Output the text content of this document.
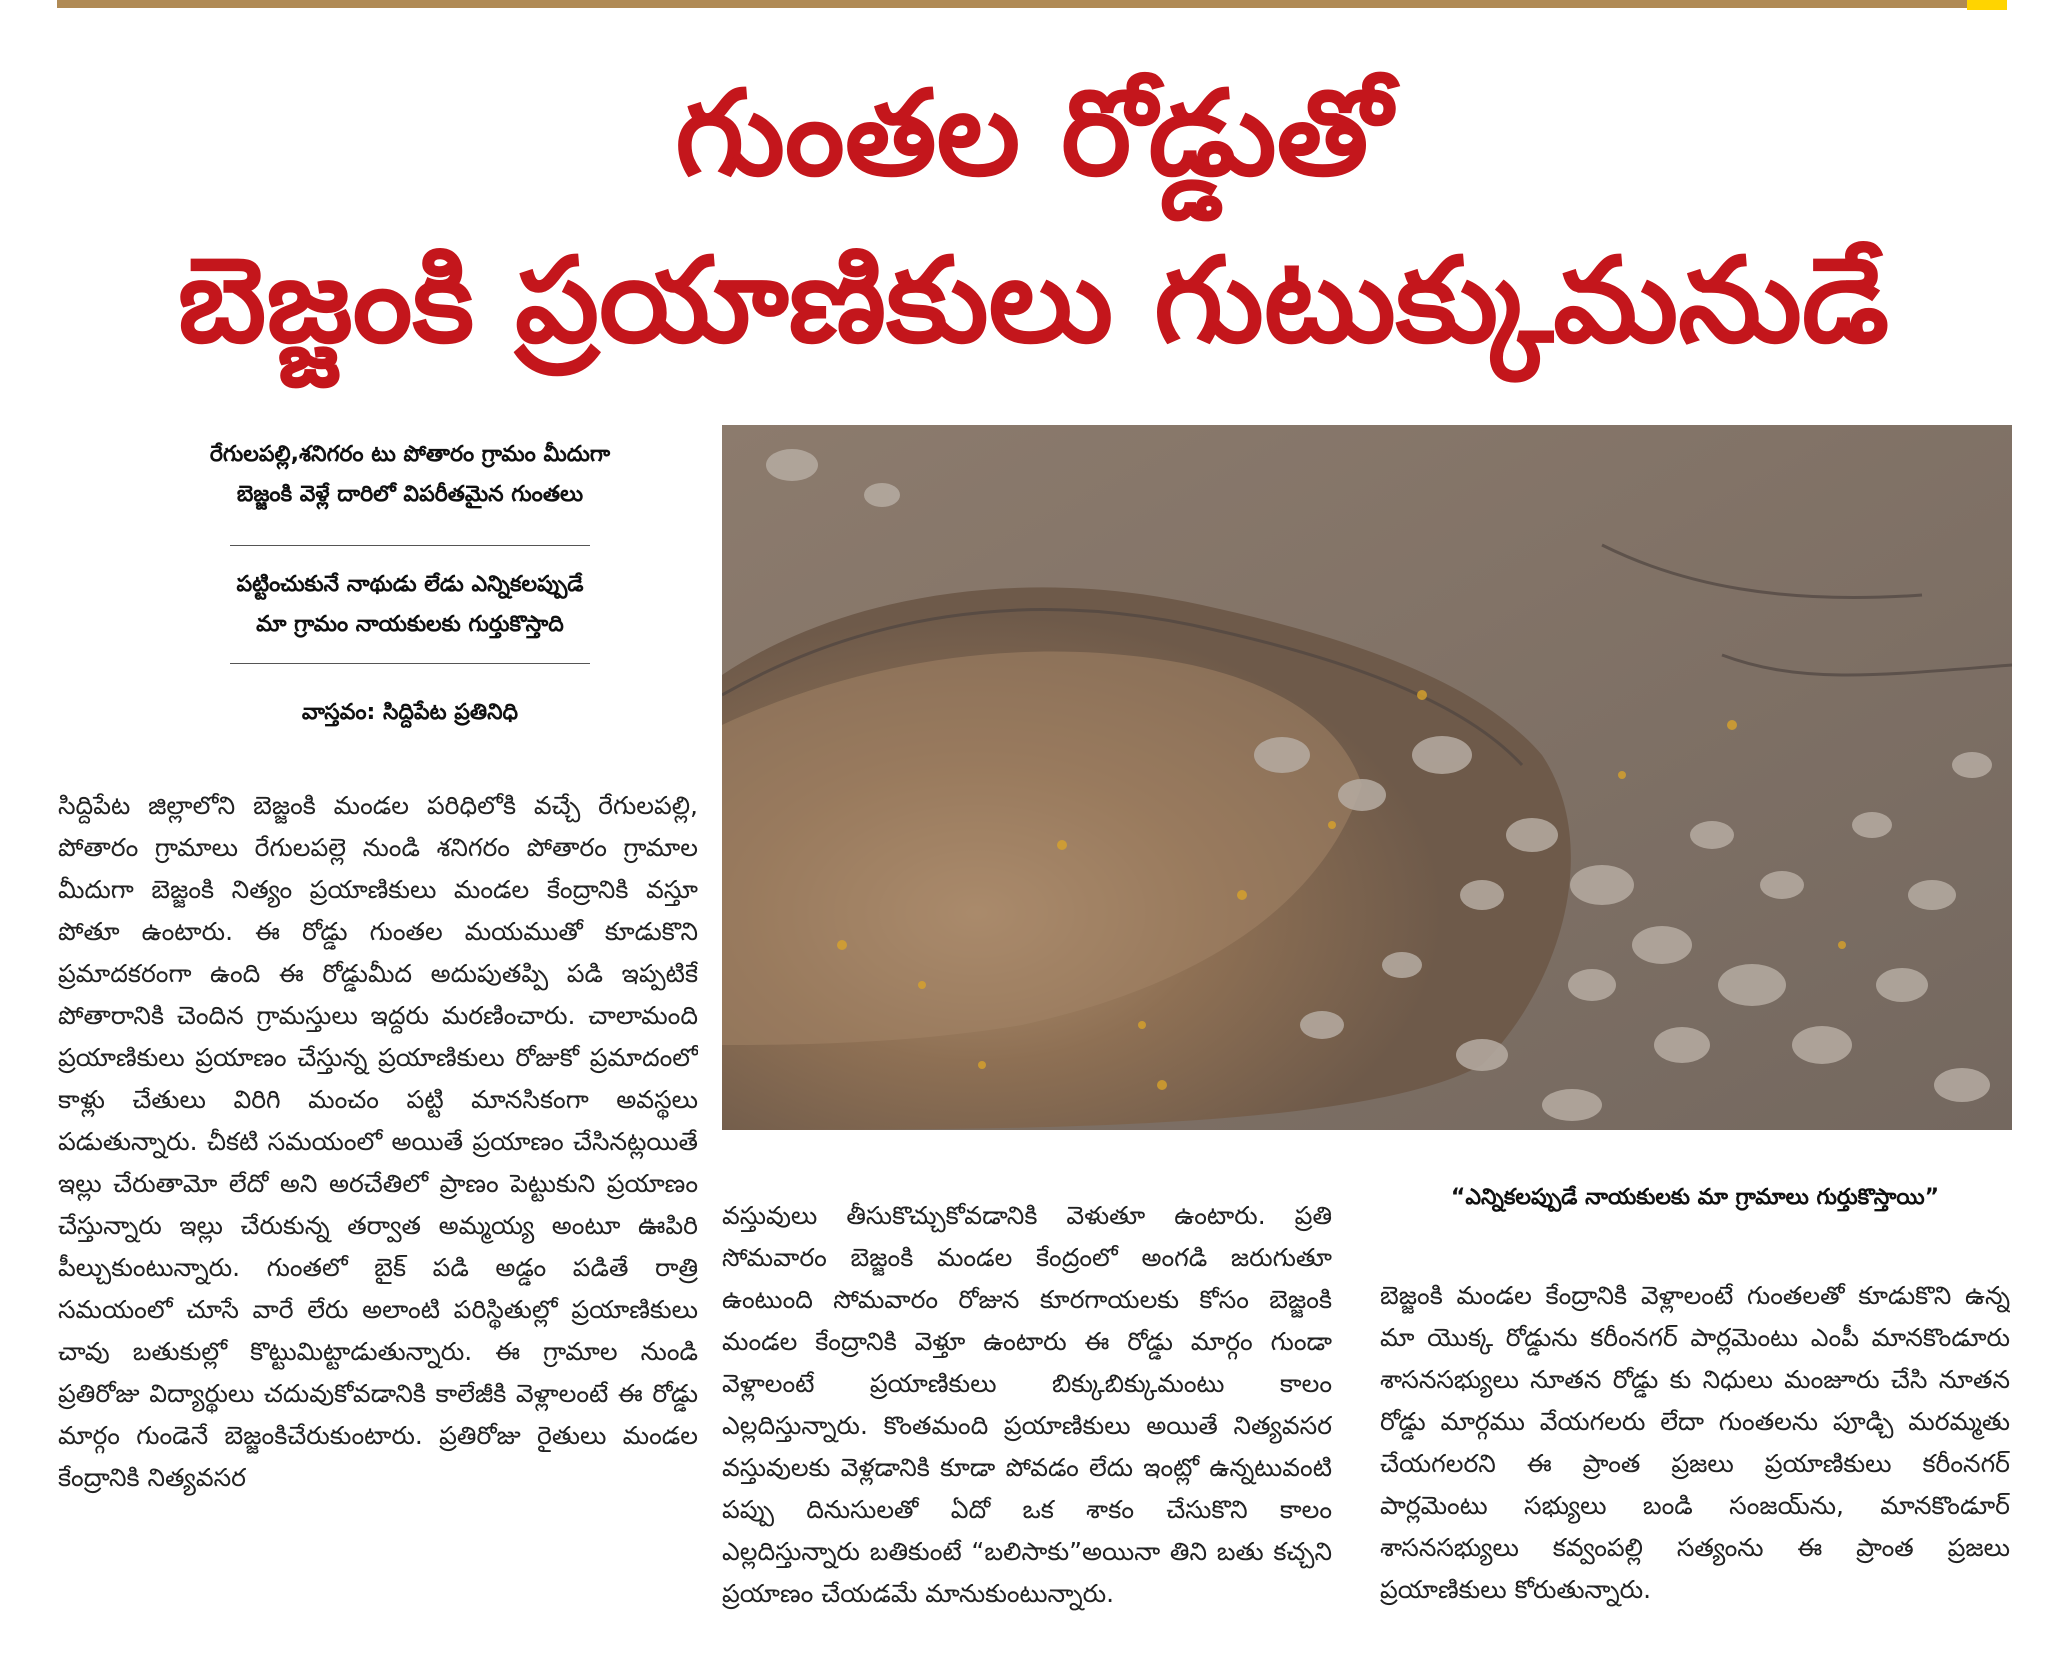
గుంతల రోడ్డుతో
బెజ్జంకి ప్రయాణికులు గుటుక్కుమనుడే
రేగులపల్లి,శనిగరం టు పోతారం గ్రామం మీదుగా
బెజ్జంకి వెళ్లే దారిలో విపరీతమైన గుంతలు
పట్టించుకునే నాథుడు లేడు ఎన్నికలప్పుడే
మా గ్రామం నాయకులకు గుర్తుకొస్తాది
వాస్తవం: సిద్దిపేట ప్రతినిధి

సిద్దిపేట జిల్లాలోని బెజ్జంకి మండల పరిధిలోకి వచ్చే రేగులపల్లి, పోతారం గ్రామాలు రేగులపల్లె నుండి శనిగరం పోతారం గ్రామాల మీదుగా బెజ్జంకి నిత్యం ప్రయాణికులు మండల కేంద్రానికి వస్తూ పోతూ ఉంటారు. ఈ రోడ్డు గుంతల మయముతో కూడుకొని ప్రమాదకరంగా ఉంది ఈ రోడ్డుమీద అదుపుతప్పి పడి ఇప్పటికే పోతారానికి చెందిన గ్రామస్తులు ఇద్దరు మరణించారు. చాలామంది ప్రయాణికులు ప్రయాణం చేస్తున్న ప్రయాణికులు రోజుకో ప్రమాదంలో కాళ్లు చేతులు విరిగి మంచం పట్టి మానసికంగా అవస్థలు పడుతున్నారు. చీకటి సమయంలో అయితే ప్రయాణం చేసినట్లయితే ఇల్లు చేరుతామో లేదో అని అరచేతిలో ప్రాణం పెట్టుకుని ప్రయాణం చేస్తున్నారు ఇల్లు చేరుకున్న తర్వాత అమ్మయ్య అంటూ ఊపిరి పీల్చుకుంటున్నారు. గుంతలో బైక్ పడి అడ్డం పడితే రాత్రి సమయంలో చూసే వారే లేరు అలాంటి పరిస్థితుల్లో ప్రయాణికులు చావు బతుకుల్లో కొట్టుమిట్టాడుతున్నారు. ఈ గ్రామాల నుండి ప్రతిరోజు విద్యార్థులు చదువుకోవడానికి కాలేజీకి వెళ్లాలంటే ఈ రోడ్డు మార్గం గుండెనే బెజ్జంకిచేరుకుంటారు. ప్రతిరోజు రైతులు మండల కేంద్రానికి నిత్యవసర

“ఎన్నికలప్పుడే నాయకులకు మా గ్రామాలు గుర్తుకొస్తాయి”

వస్తువులు తీసుకొచ్చుకోవడానికి వెళుతూ ఉంటారు. ప్రతి సోమవారం బెజ్జంకి మండల కేంద్రంలో అంగడి జరుగుతూ ఉంటుంది సోమవారం రోజున కూరగాయలకు కోసం బెజ్జంకి మండల కేంద్రానికి వెళ్తూ ఉంటారు ఈ రోడ్డు మార్గం గుండా వెళ్లాలంటే ప్రయాణికులు బిక్కుబిక్కుమంటు కాలం ఎల్లదిస్తున్నారు. కొంతమంది ప్రయాణికులు అయితే నిత్యవసర వస్తువులకు వెళ్లడానికి కూడా పోవడం లేదు ఇంట్లో ఉన్నటువంటి పప్పు దినుసులతో ఏదో ఒక శాకం చేసుకొని కాలం ఎల్లదిస్తున్నారు బతికుంటే “బలిసాకు”అయినా తిని బతు కచ్చని ప్రయాణం చేయడమే మానుకుంటున్నారు.

బెజ్జంకి మండల కేంద్రానికి వెళ్లాలంటే గుంతలతో కూడుకొని ఉన్న మా యొక్క రోడ్డును కరీంనగర్ పార్లమెంటు ఎంపీ మానకొండూరు శాసనసభ్యులు నూతన రోడ్డు కు నిధులు మంజూరు చేసి నూతన రోడ్డు మార్గము వేయగలరు లేదా గుంతలను పూడ్చి మరమ్మతు చేయగలరని ఈ ప్రాంత ప్రజలు ప్రయాణికులు కరీంనగర్ పార్లమెంటు సభ్యులు బండి సంజయ్‌ను, మానకొండూర్ శాసనసభ్యులు కవ్వంపల్లి సత్యంను ఈ ప్రాంత ప్రజలు ప్రయాణికులు కోరుతున్నారు.
